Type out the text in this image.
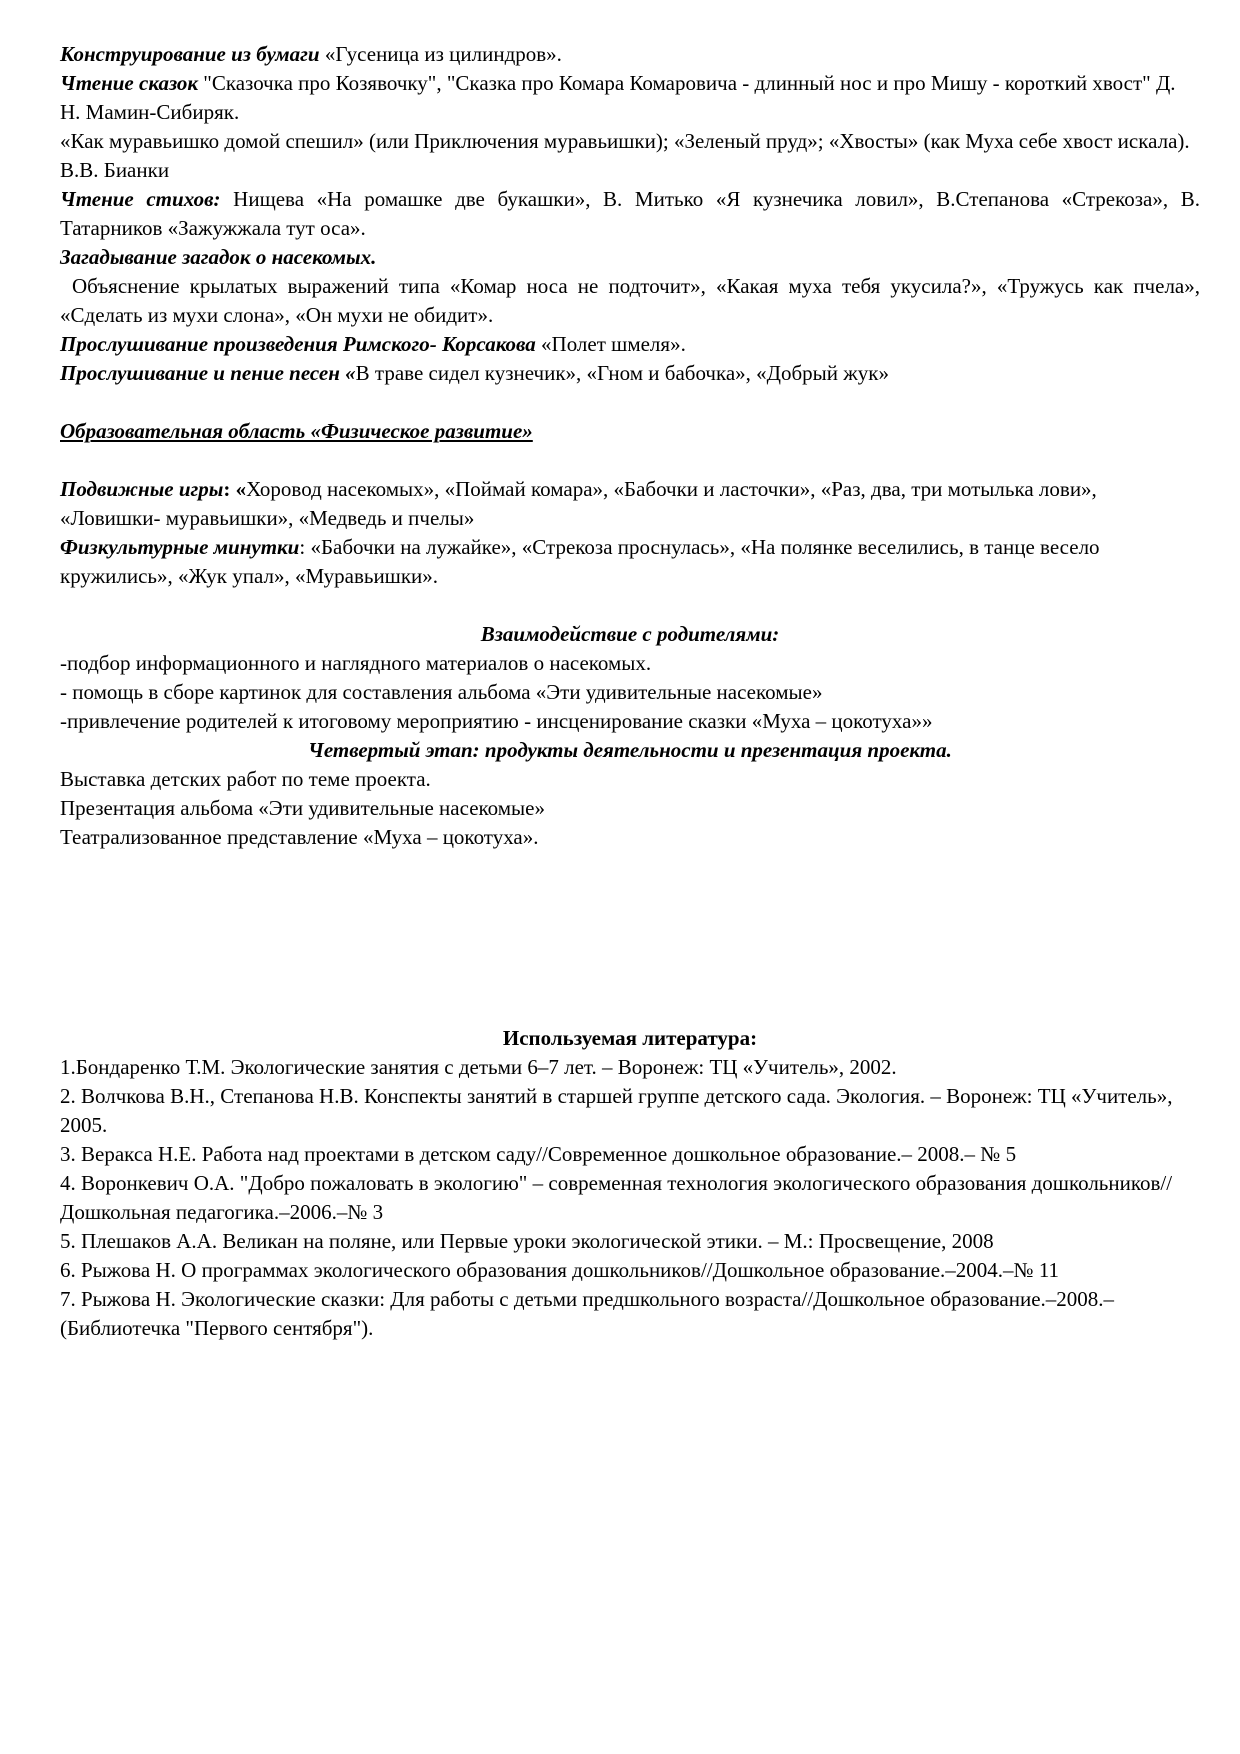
Конструирование из бумаги «Гусеница из цилиндров».

Чтение сказок "Сказочка про Козявочку", "Сказка про Комара Комаровича - длинный нос и про Мишу - короткий хвост" Д. Н. Мамин-Сибиряк.

«Как муравьишко домой спешил» (или Приключения муравьишки); «Зеленый пруд»; «Хвосты» (как Муха себе хвост искала). В.В. Бианки

Чтение стихов: Нищева «На ромашке две букашки», В. Митько «Я кузнечика ловил», В.Степанова «Стрекоза», В. Татарников «Зажужжала тут оса».

Загадывание загадок о насекомых.

Объяснение крылатых выражений типа «Комар носа не подточит», «Какая муха тебя укусила?», «Тружусь как пчела», «Сделать из мухи слона», «Он мухи не обидит».

Прослушивание произведения Римского- Корсакова «Полет шмеля».

Прослушивание и пение песен «В траве сидел кузнечик», «Гном и бабочка», «Добрый жук»

Образовательная область «Физическое развитие»

Подвижные игры: «Хоровод насекомых», «Поймай комара», «Бабочки и ласточки», «Раз, два, три мотылька лови», «Ловишки- муравьишки», «Медведь и пчелы»

Физкультурные минутки: «Бабочки на лужайке», «Стрекоза проснулась», «На полянке веселились, в танце весело кружились», «Жук упал», «Муравьишки».

Взаимодействие с родителями:

-подбор информационного и наглядного материалов о насекомых.

- помощь в сборе картинок для составления альбома «Эти удивительные насекомые»

-привлечение родителей к итоговому мероприятию - инсценирование сказки «Муха – цокотуха»»

Четвертый этап: продукты деятельности и презентация проекта.

Выставка детских работ по теме проекта.

Презентация альбома «Эти удивительные насекомые»

Театрализованное представление «Муха – цокотуха».

Используемая литература:

1.Бондаренко Т.М. Экологические занятия с детьми 6–7 лет. – Воронеж: ТЦ «Учитель», 2002.

2. Волчкова В.Н., Степанова Н.В. Конспекты занятий в старшей группе детского сада. Экология. – Воронеж: ТЦ «Учитель», 2005.

3. Веракса Н.Е. Работа над проектами в детском саду//Современное дошкольное образование.– 2008.– № 5

4. Воронкевич О.А. "Добро пожаловать в экологию" – современная технология экологического образования дошкольников//Дошкольная педагогика.–2006.–№ 3

5. Плешаков А.А. Великан на поляне, или Первые уроки экологической этики. – М.: Просвещение, 2008

6. Рыжова Н. О программах экологического образования дошкольников//Дошкольное образование.–2004.–№ 11

7. Рыжова Н. Экологические сказки: Для работы с детьми предшкольного возраста//Дошкольное образование.–2008.– (Библиотечка "Первого сентября").
